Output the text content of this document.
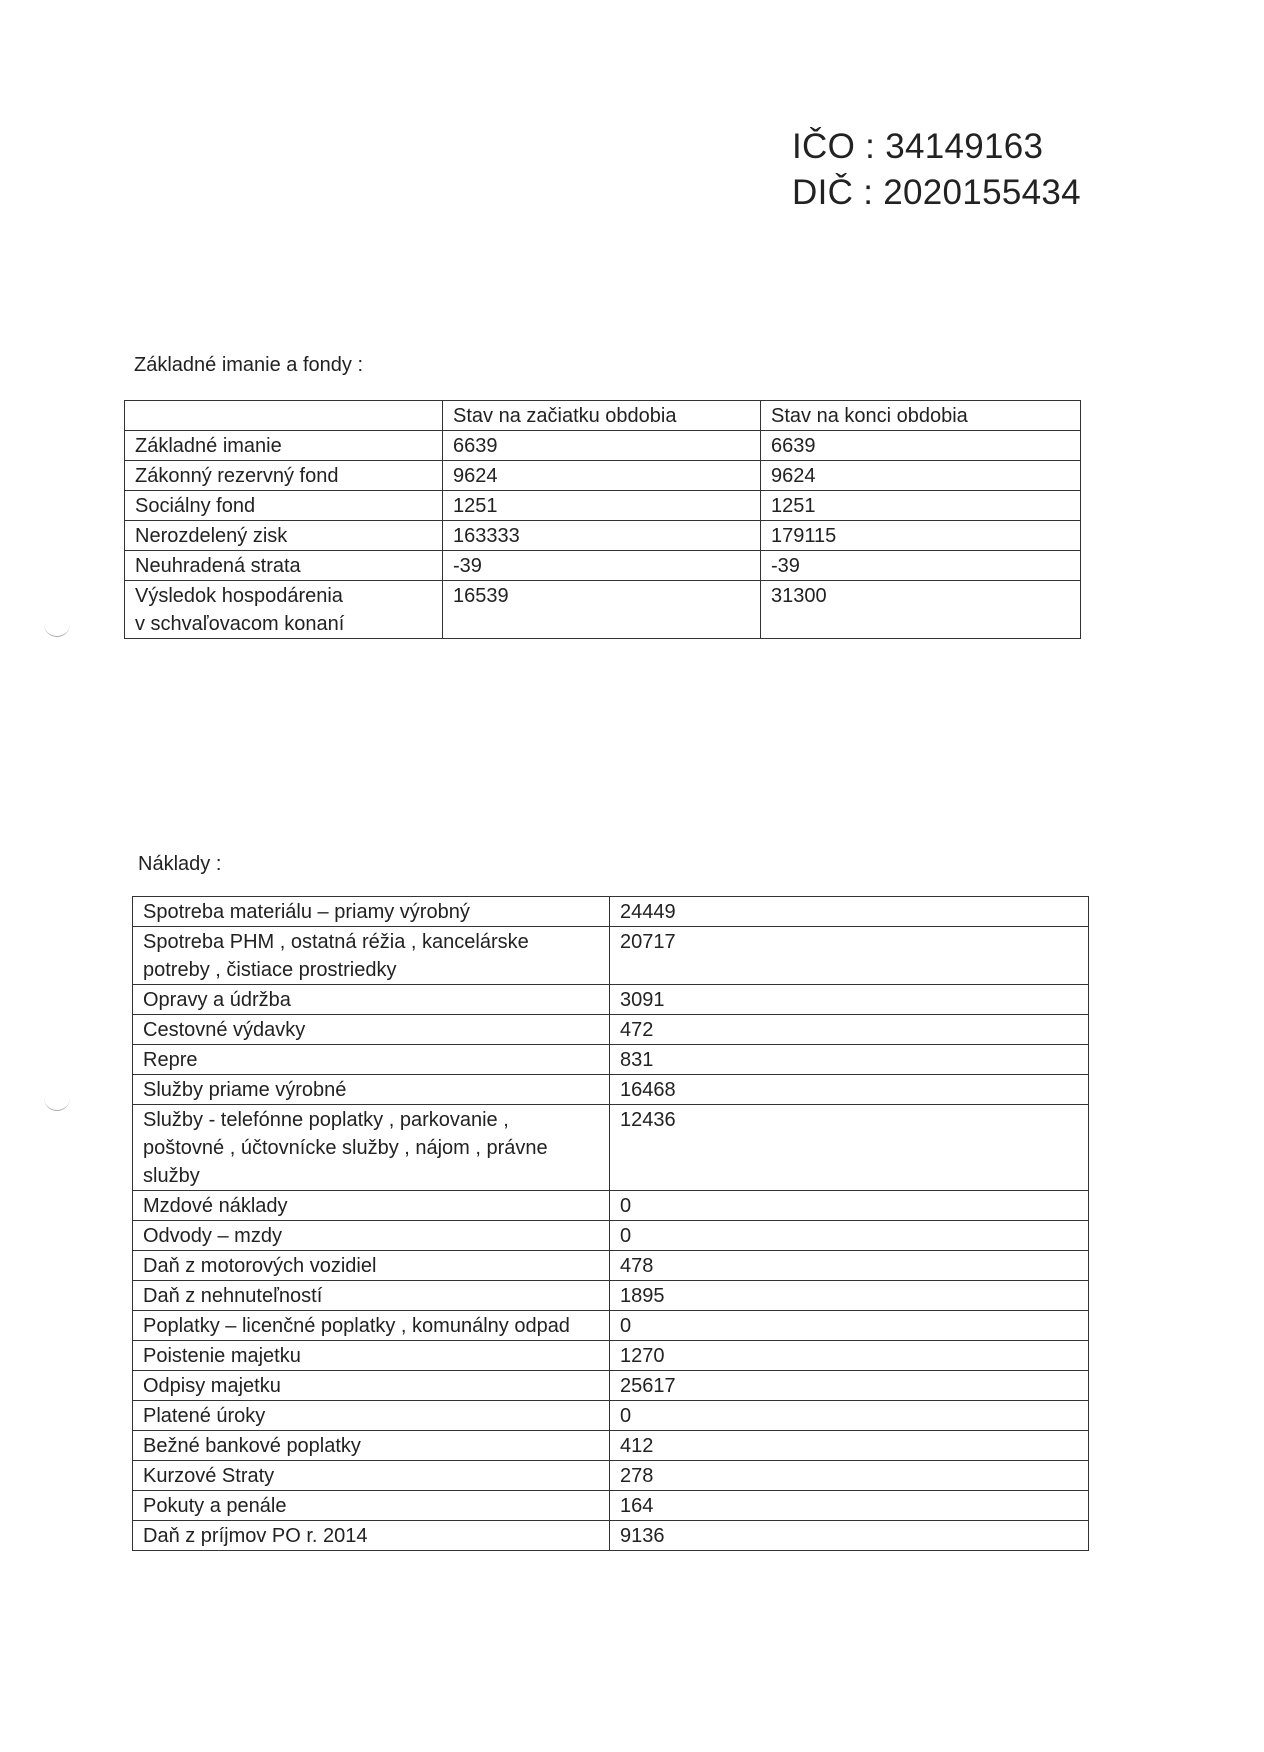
IČO : 34149163
DIČ : 2020155434
Základné imanie a fondy :
	Stav na začiatku obdobia	Stav na konci obdobia
Základné imanie	6639	6639
Zákonný rezervný fond	9624	9624
Sociálny fond	1251	1251
Nerozdelený zisk	163333	179115
Neuhradená strata	-39	-39
Výsledok hospodárenia
v schvaľovacom konaní	16539	31300
Náklady :
Spotreba materiálu – priamy výrobný	24449
Spotreba PHM , ostatná réžia , kancelárske
potreby , čistiace prostriedky	20717
Opravy a údržba	3091
Cestovné výdavky	472
Repre	831
Služby priame výrobné	16468
Služby - telefónne poplatky , parkovanie ,
poštovné , účtovnícke služby , nájom , právne
služby	12436
Mzdové náklady	0
Odvody – mzdy	0
Daň z motorových vozidiel	478
Daň z nehnuteľností	1895
Poplatky – licenčné poplatky , komunálny odpad	0
Poistenie majetku	1270
Odpisy majetku	25617
Platené úroky	0
Bežné bankové poplatky	412
Kurzové Straty	278
Pokuty a penále	164
Daň z príjmov PO r. 2014	9136
